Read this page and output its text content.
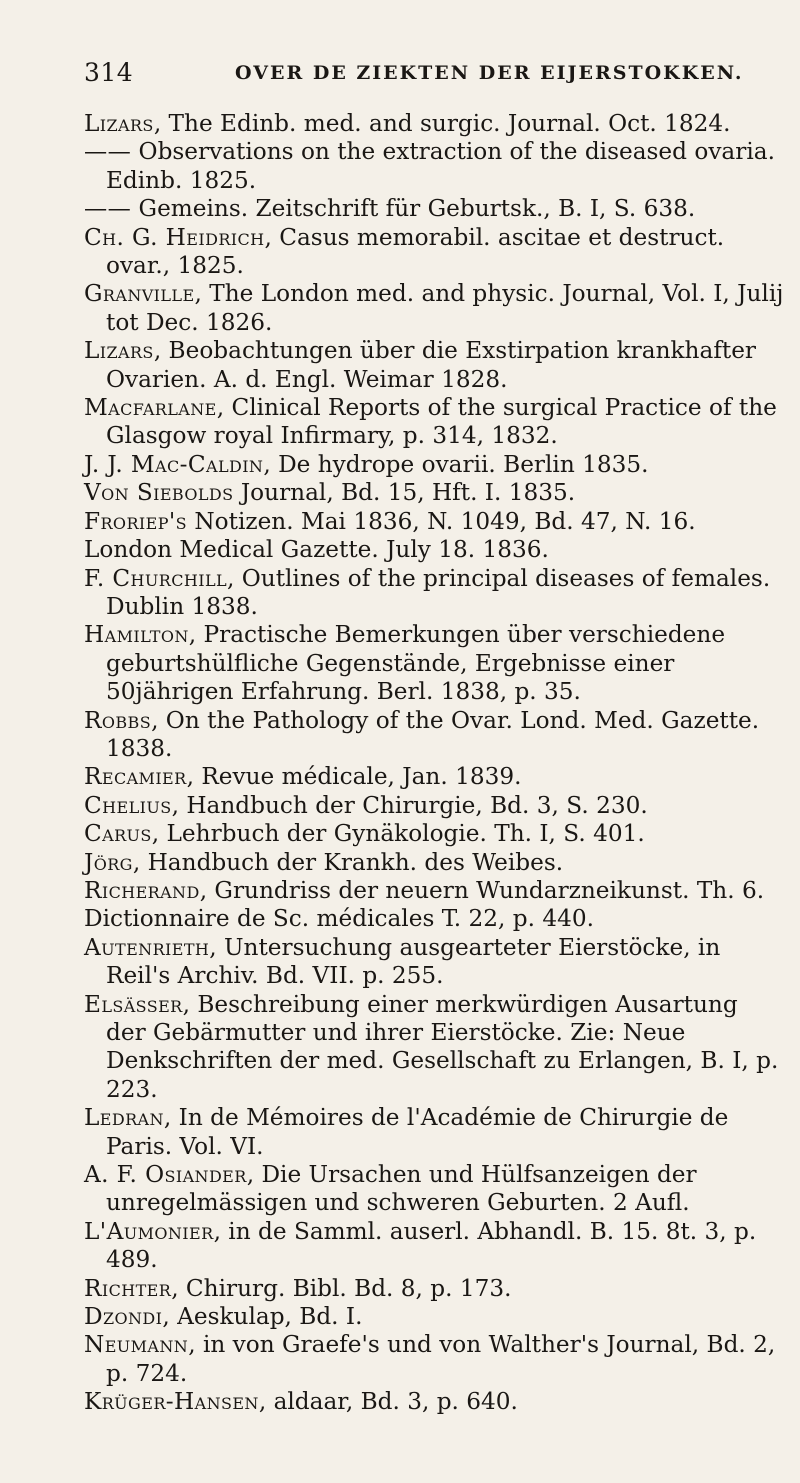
314	OVER DE ZIEKTEN DER EIJERSTOKKEN.
Lizars, The Edinb. med. and surgic. Journal. Oct. 1824.
—— Observations on the extraction of the diseased ovaria. Edinb. 1825.
—— Gemeins. Zeitschrift für Geburtsk., B. I, S. 638.
Ch. G. Heidrich, Casus memorabil. ascitae et destruct. ovar., 1825.
Granville, The London med. and physic. Journal, Vol. I, Julij tot Dec. 1826.
Lizars, Beobachtungen über die Exstirpation krankhafter Ovarien. A. d. Engl. Weimar 1828.
Macfarlane, Clinical Reports of the surgical Practice of the Glasgow royal Infirmary, p. 314, 1832.
J. J. Mac-Caldin, De hydrope ovarii. Berlin 1835.
Von Siebolds Journal, Bd. 15, Hft. I. 1835.
Froriep's Notizen. Mai 1836, N. 1049, Bd. 47, N. 16.
London Medical Gazette. July 18. 1836.
F. Churchill, Outlines of the principal diseases of females. Dublin 1838.
Hamilton, Practische Bemerkungen über verschiedene geburtshülfliche Gegenstände, Ergebnisse einer 50jährigen Erfahrung. Berl. 1838, p. 35.
Robbs, On the Pathology of the Ovar. Lond. Med. Gazette. 1838.
Recamier, Revue médicale, Jan. 1839.
Chelius, Handbuch der Chirurgie, Bd. 3, S. 230.
Carus, Lehrbuch der Gynäkologie. Th. I, S. 401.
Jörg, Handbuch der Krankh. des Weibes.
Richerand, Grundriss der neuern Wundarzneikunst. Th. 6.
Dictionnaire de Sc. médicales T. 22, p. 440.
Autenrieth, Untersuchung ausgearteter Eierstöcke, in Reil's Archiv. Bd. VII. p. 255.
Elsässer, Beschreibung einer merkwürdigen Ausartung der Gebärmutter und ihrer Eierstöcke. Zie: Neue Denkschriften der med. Gesellschaft zu Erlangen, B. I, p. 223.
Ledran, In de Mémoires de l'Académie de Chirurgie de Paris. Vol. VI.
A. F. Osiander, Die Ursachen und Hülfsanzeigen der unregelmässigen und schweren Geburten. 2 Aufl.
L'Aumonier, in de Samml. auserl. Abhandl. B. 15. 8t. 3, p. 489.
Richter, Chirurg. Bibl. Bd. 8, p. 173.
Dzondi, Aeskulap, Bd. I.
Neumann, in von Graefe's und von Walther's Journal, Bd. 2, p. 724.
Krüger-Hansen, aldaar, Bd. 3, p. 640.
